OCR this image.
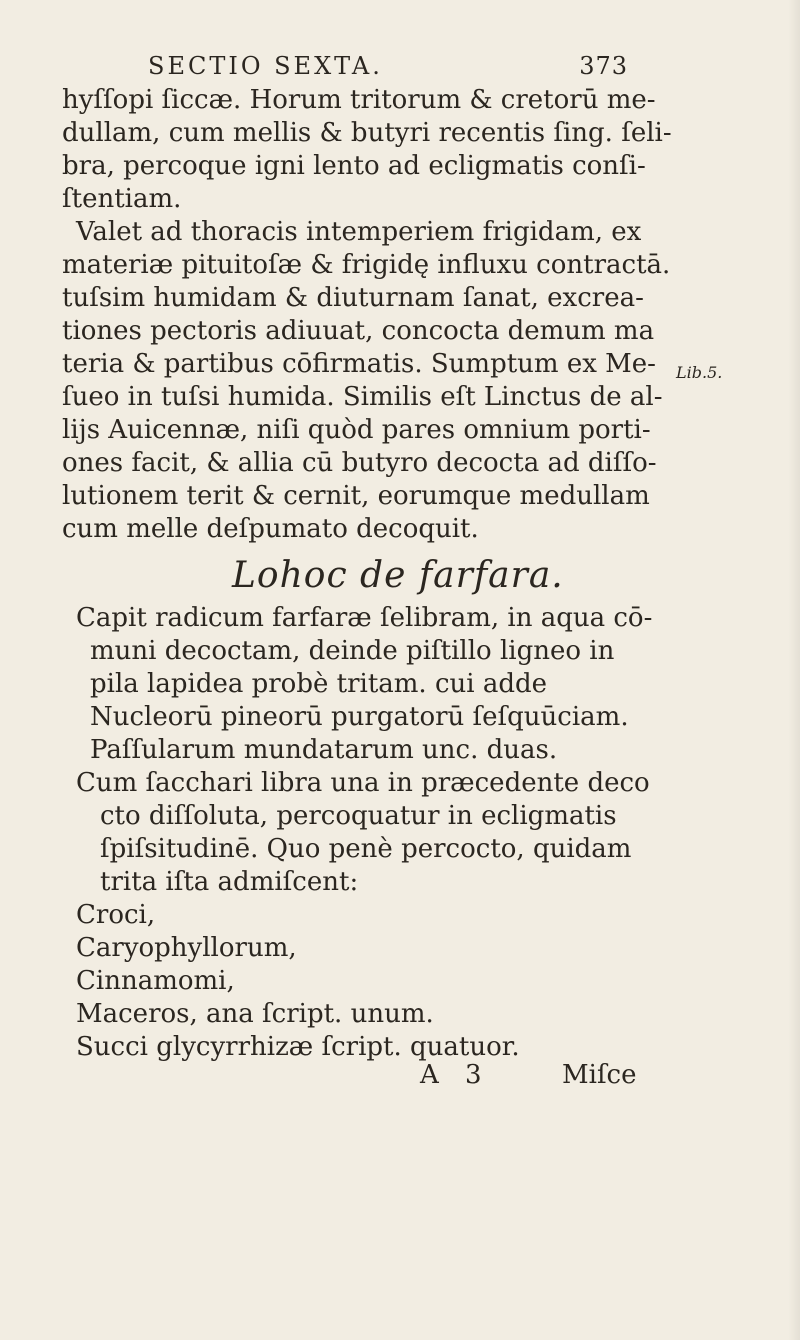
SECTIO SEXTA.	373
hyſſopi ſiccæ. Horum tritorum & cretorū me‑
dullam, cum mellis & butyri recentis ſing. ſeli‑
bra, percoque igni lento ad ecligmatis conſi‑
ſtentiam.
Valet ad thoracis intemperiem frigidam, ex
materiæ pituitoſæ & frigidę influxu contractā.
tuſsim humidam & diuturnam ſanat, excrea‑
tiones pectoris adiuuat, concocta demum ma
teria & partibus cōfirmatis. Sumptum ex Me‑
ſueo in tuſsi humida. Similis eſt Linctus de al‑
lijs Auicennæ, niſi quòd pares omnium porti‑
ones facit, & allia cū butyro decocta ad diſſo‑
lutionem terit & cernit, eorumque medullam
cum melle deſpumato decoquit.
Lohoc de farfara.
Capit radicum farfaræ ſelibram, in aqua cō‑
muni decoctam, deinde piſtillo ligneo in
pila lapidea probè tritam. cui adde
Nucleorū pineorū purgatorū ſeſquūciam.
Paſſularum mundatarum unc. duas.
Cum ſacchari libra una in præcedente deco
cto diſſoluta, percoquatur in ecligmatis
ſpiſsitudinē. Quo penè percocto, quidam
trita iſta admiſcent:
Croci,
Caryophyllorum,
Cinnamomi,
Maceros, ana ſcript. unum.
Succi glycyrrhizæ ſcript. quatuor.
Lib.5.
A 3	Miſce
